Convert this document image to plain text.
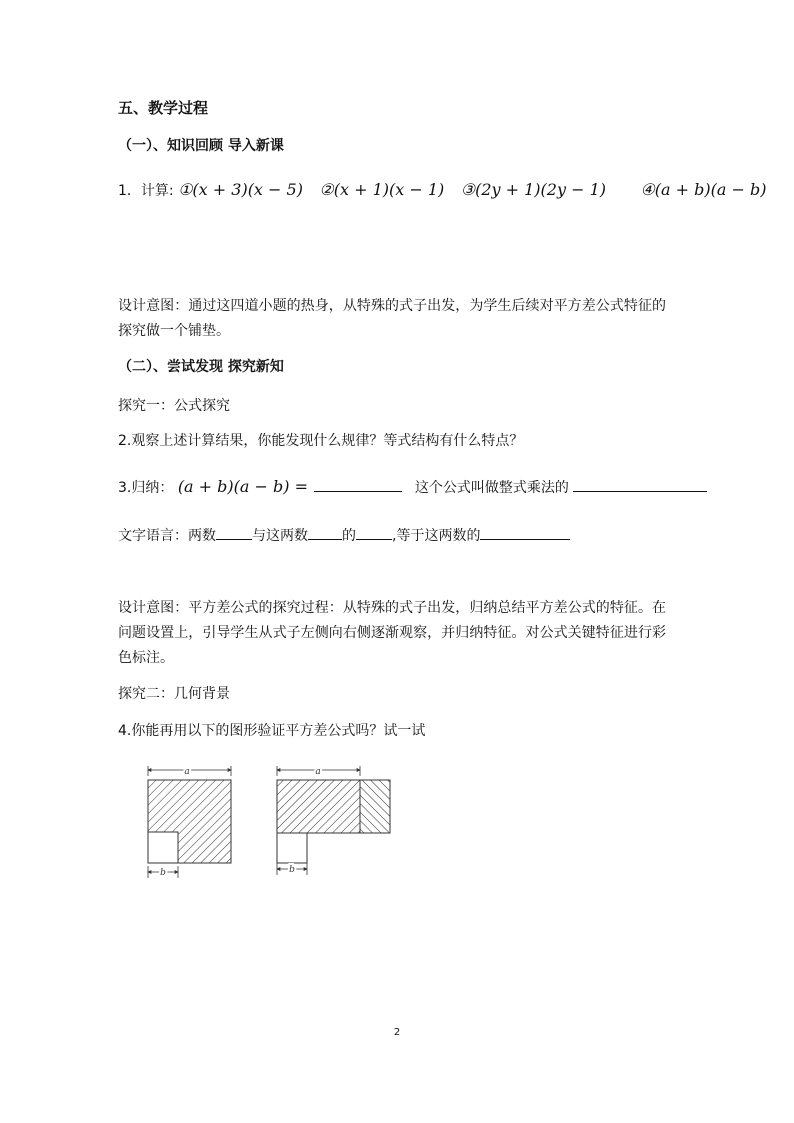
五、教学过程
（一）、知识回顾 导入新课
1．计算: ①(x + 3)(x − 5) ②(x + 1)(x − 1) ③(2y + 1)(2y − 1) ④(a + b)(a − b)
设计意图：通过这四道小题的热身，从特殊的式子出发，为学生后续对平方差公式特征的探究做一个铺垫。
（二）、尝试发现 探究新知
探究一：公式探究
2.观察上述计算结果，你能发现什么规律？等式结构有什么特点？
3.归纳： (a + b)(a − b) =	这个公式叫做整式乘法的
文字语言：两数	与这两数 的	,等于这两数的
设计意图：平方差公式的探究过程：从特殊的式子出发，归纳总结平方差公式的特征。在问题设置上，引导学生从式子左侧向右侧逐渐观察，并归纳特征。对公式关键特征进行彩色标注。
探究二：几何背景
4.你能再用以下的图形验证平方差公式吗？试一试
a
b
a
b
2
